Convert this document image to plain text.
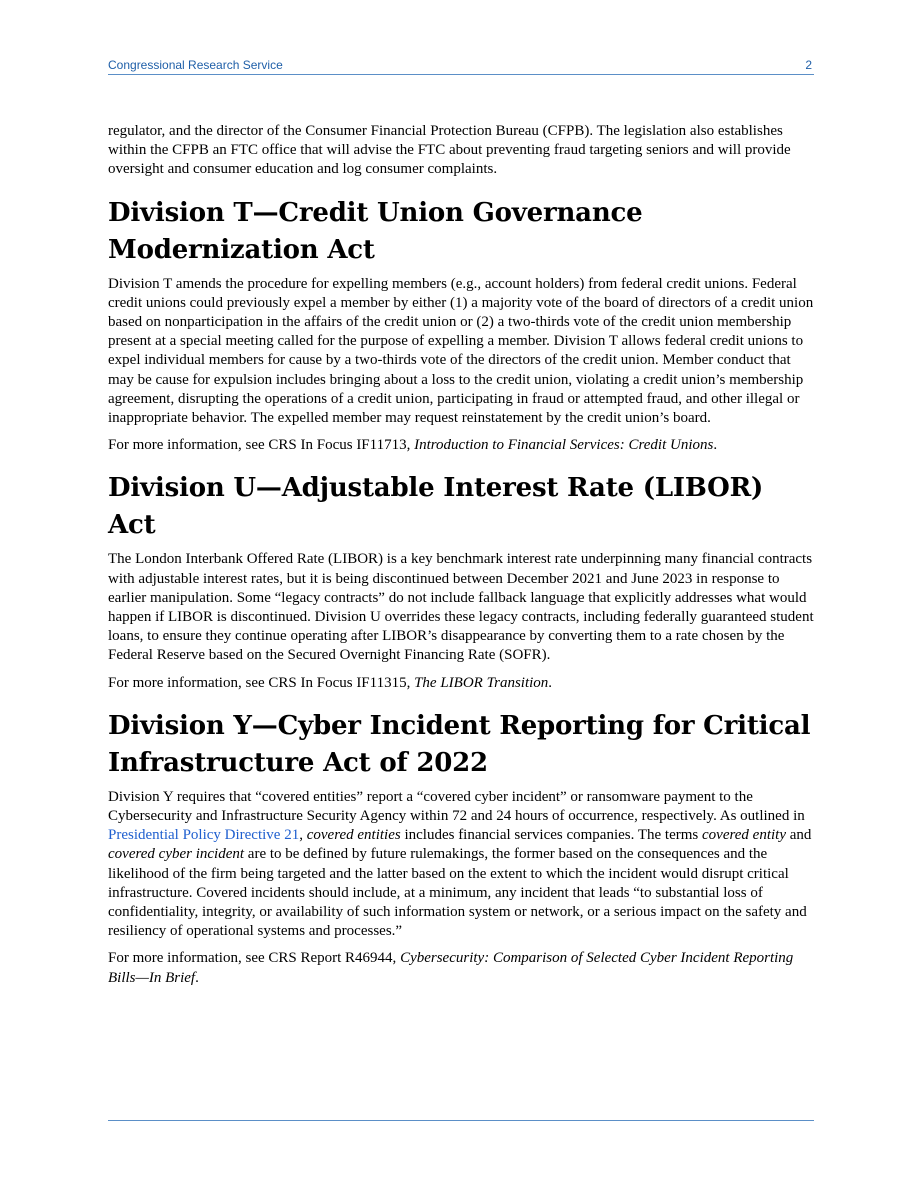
Congressional Research Service	2

regulator, and the director of the Consumer Financial Protection Bureau (CFPB). The legislation also establishes within the CFPB an FTC office that will advise the FTC about preventing fraud targeting seniors and will provide oversight and consumer education and log consumer complaints.

Division T—Credit Union Governance Modernization Act

Division T amends the procedure for expelling members (e.g., account holders) from federal credit unions. Federal credit unions could previously expel a member by either (1) a majority vote of the board of directors of a credit union based on nonparticipation in the affairs of the credit union or (2) a two-thirds vote of the credit union membership present at a special meeting called for the purpose of expelling a member. Division T allows federal credit unions to expel individual members for cause by a two-thirds vote of the directors of the credit union. Member conduct that may be cause for expulsion includes bringing about a loss to the credit union, violating a credit union’s membership agreement, disrupting the operations of a credit union, participating in fraud or attempted fraud, and other illegal or inappropriate behavior. The expelled member may request reinstatement by the credit union’s board.

For more information, see CRS In Focus IF11713, Introduction to Financial Services: Credit Unions.

Division U—Adjustable Interest Rate (LIBOR) Act

The London Interbank Offered Rate (LIBOR) is a key benchmark interest rate underpinning many financial contracts with adjustable interest rates, but it is being discontinued between December 2021 and June 2023 in response to earlier manipulation. Some “legacy contracts” do not include fallback language that explicitly addresses what would happen if LIBOR is discontinued. Division U overrides these legacy contracts, including federally guaranteed student loans, to ensure they continue operating after LIBOR’s disappearance by converting them to a rate chosen by the Federal Reserve based on the Secured Overnight Financing Rate (SOFR).

For more information, see CRS In Focus IF11315, The LIBOR Transition.

Division Y—Cyber Incident Reporting for Critical Infrastructure Act of 2022

Division Y requires that “covered entities” report a “covered cyber incident” or ransomware payment to the Cybersecurity and Infrastructure Security Agency within 72 and 24 hours of occurrence, respectively. As outlined in Presidential Policy Directive 21, covered entities includes financial services companies. The terms covered entity and covered cyber incident are to be defined by future rulemakings, the former based on the consequences and the likelihood of the firm being targeted and the latter based on the extent to which the incident would disrupt critical infrastructure. Covered incidents should include, at a minimum, any incident that leads “to substantial loss of confidentiality, integrity, or availability of such information system or network, or a serious impact on the safety and resiliency of operational systems and processes.”

For more information, see CRS Report R46944, Cybersecurity: Comparison of Selected Cyber Incident Reporting Bills—In Brief.
